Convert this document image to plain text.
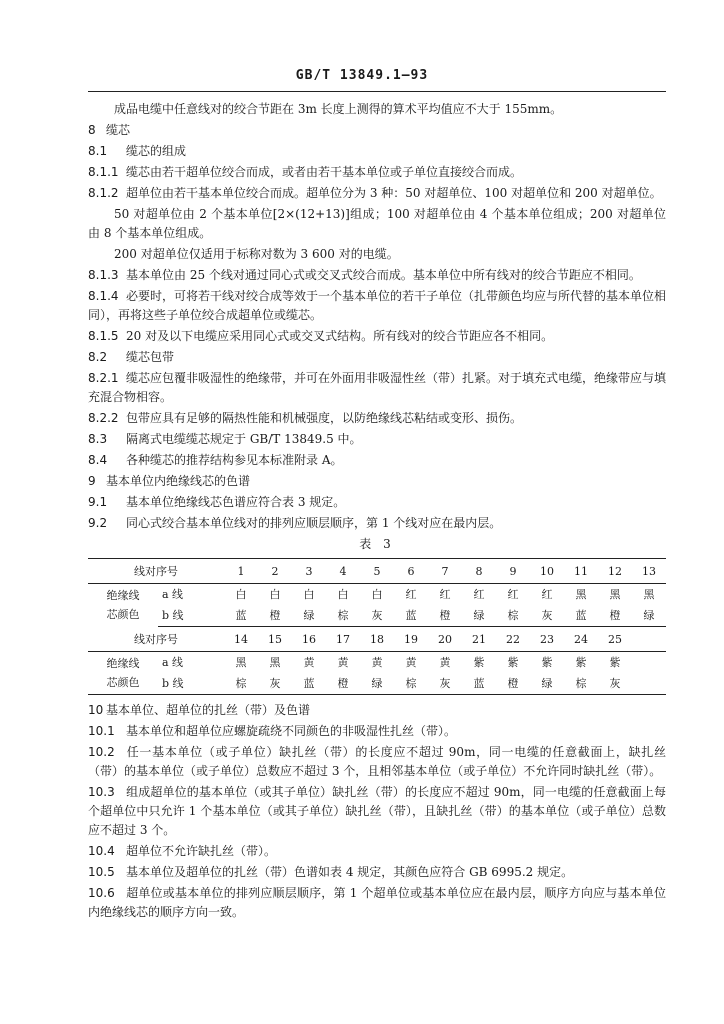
GB/T 13849.1—93
成品电缆中任意线对的绞合节距在 3m 长度上测得的算术平均值应不大于 155mm。
8 缆芯
8.1 缆芯的组成
8.1.1 缆芯由若干超单位绞合而成，或者由若干基本单位或子单位直接绞合而成。
8.1.2 超单位由若干基本单位绞合而成。超单位分为 3 种：50 对超单位、100 对超单位和 200 对超单位。
50 对超单位由 2 个基本单位[2×(12+13)]组成；100 对超单位由 4 个基本单位组成；200 对超单位由 8 个基本单位组成。
200 对超单位仅适用于标称对数为 3 600 对的电缆。
8.1.3 基本单位由 25 个线对通过同心式或交叉式绞合而成。基本单位中所有线对的绞合节距应不相同。
8.1.4 必要时，可将若干线对绞合成等效于一个基本单位的若干子单位（扎带颜色均应与所代替的基本单位相同），再将这些子单位绞合成超单位或缆芯。
8.1.5 20 对及以下电缆应采用同心式或交叉式结构。所有线对的绞合节距应各不相同。
8.2 缆芯包带
8.2.1 缆芯应包覆非吸湿性的绝缘带，并可在外面用非吸湿性丝（带）扎紧。对于填充式电缆，绝缘带应与填充混合物相容。
8.2.2 包带应具有足够的隔热性能和机械强度，以防绝缘线芯粘结或变形、损伤。
8.3 隔离式电缆缆芯规定于 GB/T 13849.5 中。
8.4 各种缆芯的推荐结构参见本标准附录 A。
9 基本单位内绝缘线芯的色谱
9.1 基本单位绝缘线芯色谱应符合表 3 规定。
9.2 同心式绞合基本单位线对的排列应顺层顺序，第 1 个线对应在最内层。
表 3
线对序号		1	2	3	4	5	6	7	8	9	10	11	12	13

绝缘线
芯颜色	a 线	白	白	白	白	白	红	红	红	红	红	黑	黑	黑
	b 线	蓝	橙	绿	棕	灰	蓝	橙	绿	棕	灰	蓝	橙	绿
线对序号		14	15	16	17	18	19	20	21	22	23	24	25	

绝缘线
芯颜色	a 线	黑	黑	黄	黄	黄	黄	黄	紫	紫	紫	紫	紫	
	b 线	棕	灰	蓝	橙	绿	棕	灰	蓝	橙	绿	棕	灰	
10 基本单位、超单位的扎丝（带）及色谱
10.1 基本单位和超单位应螺旋疏绕不同颜色的非吸湿性扎丝（带）。
10.2 任一基本单位（或子单位）缺扎丝（带）的长度应不超过 90m，同一电缆的任意截面上，缺扎丝（带）的基本单位（或子单位）总数应不超过 3 个，且相邻基本单位（或子单位）不允许同时缺扎丝（带）。
10.3 组成超单位的基本单位（或其子单位）缺扎丝（带）的长度应不超过 90m，同一电缆的任意截面上每个超单位中只允许 1 个基本单位（或其子单位）缺扎丝（带），且缺扎丝（带）的基本单位（或子单位）总数应不超过 3 个。
10.4 超单位不允许缺扎丝（带）。
10.5 基本单位及超单位的扎丝（带）色谱如表 4 规定，其颜色应符合 GB 6995.2 规定。
10.6 超单位或基本单位的排列应顺层顺序，第 1 个超单位或基本单位应在最内层，顺序方向应与基本单位内绝缘线芯的顺序方向一致。
